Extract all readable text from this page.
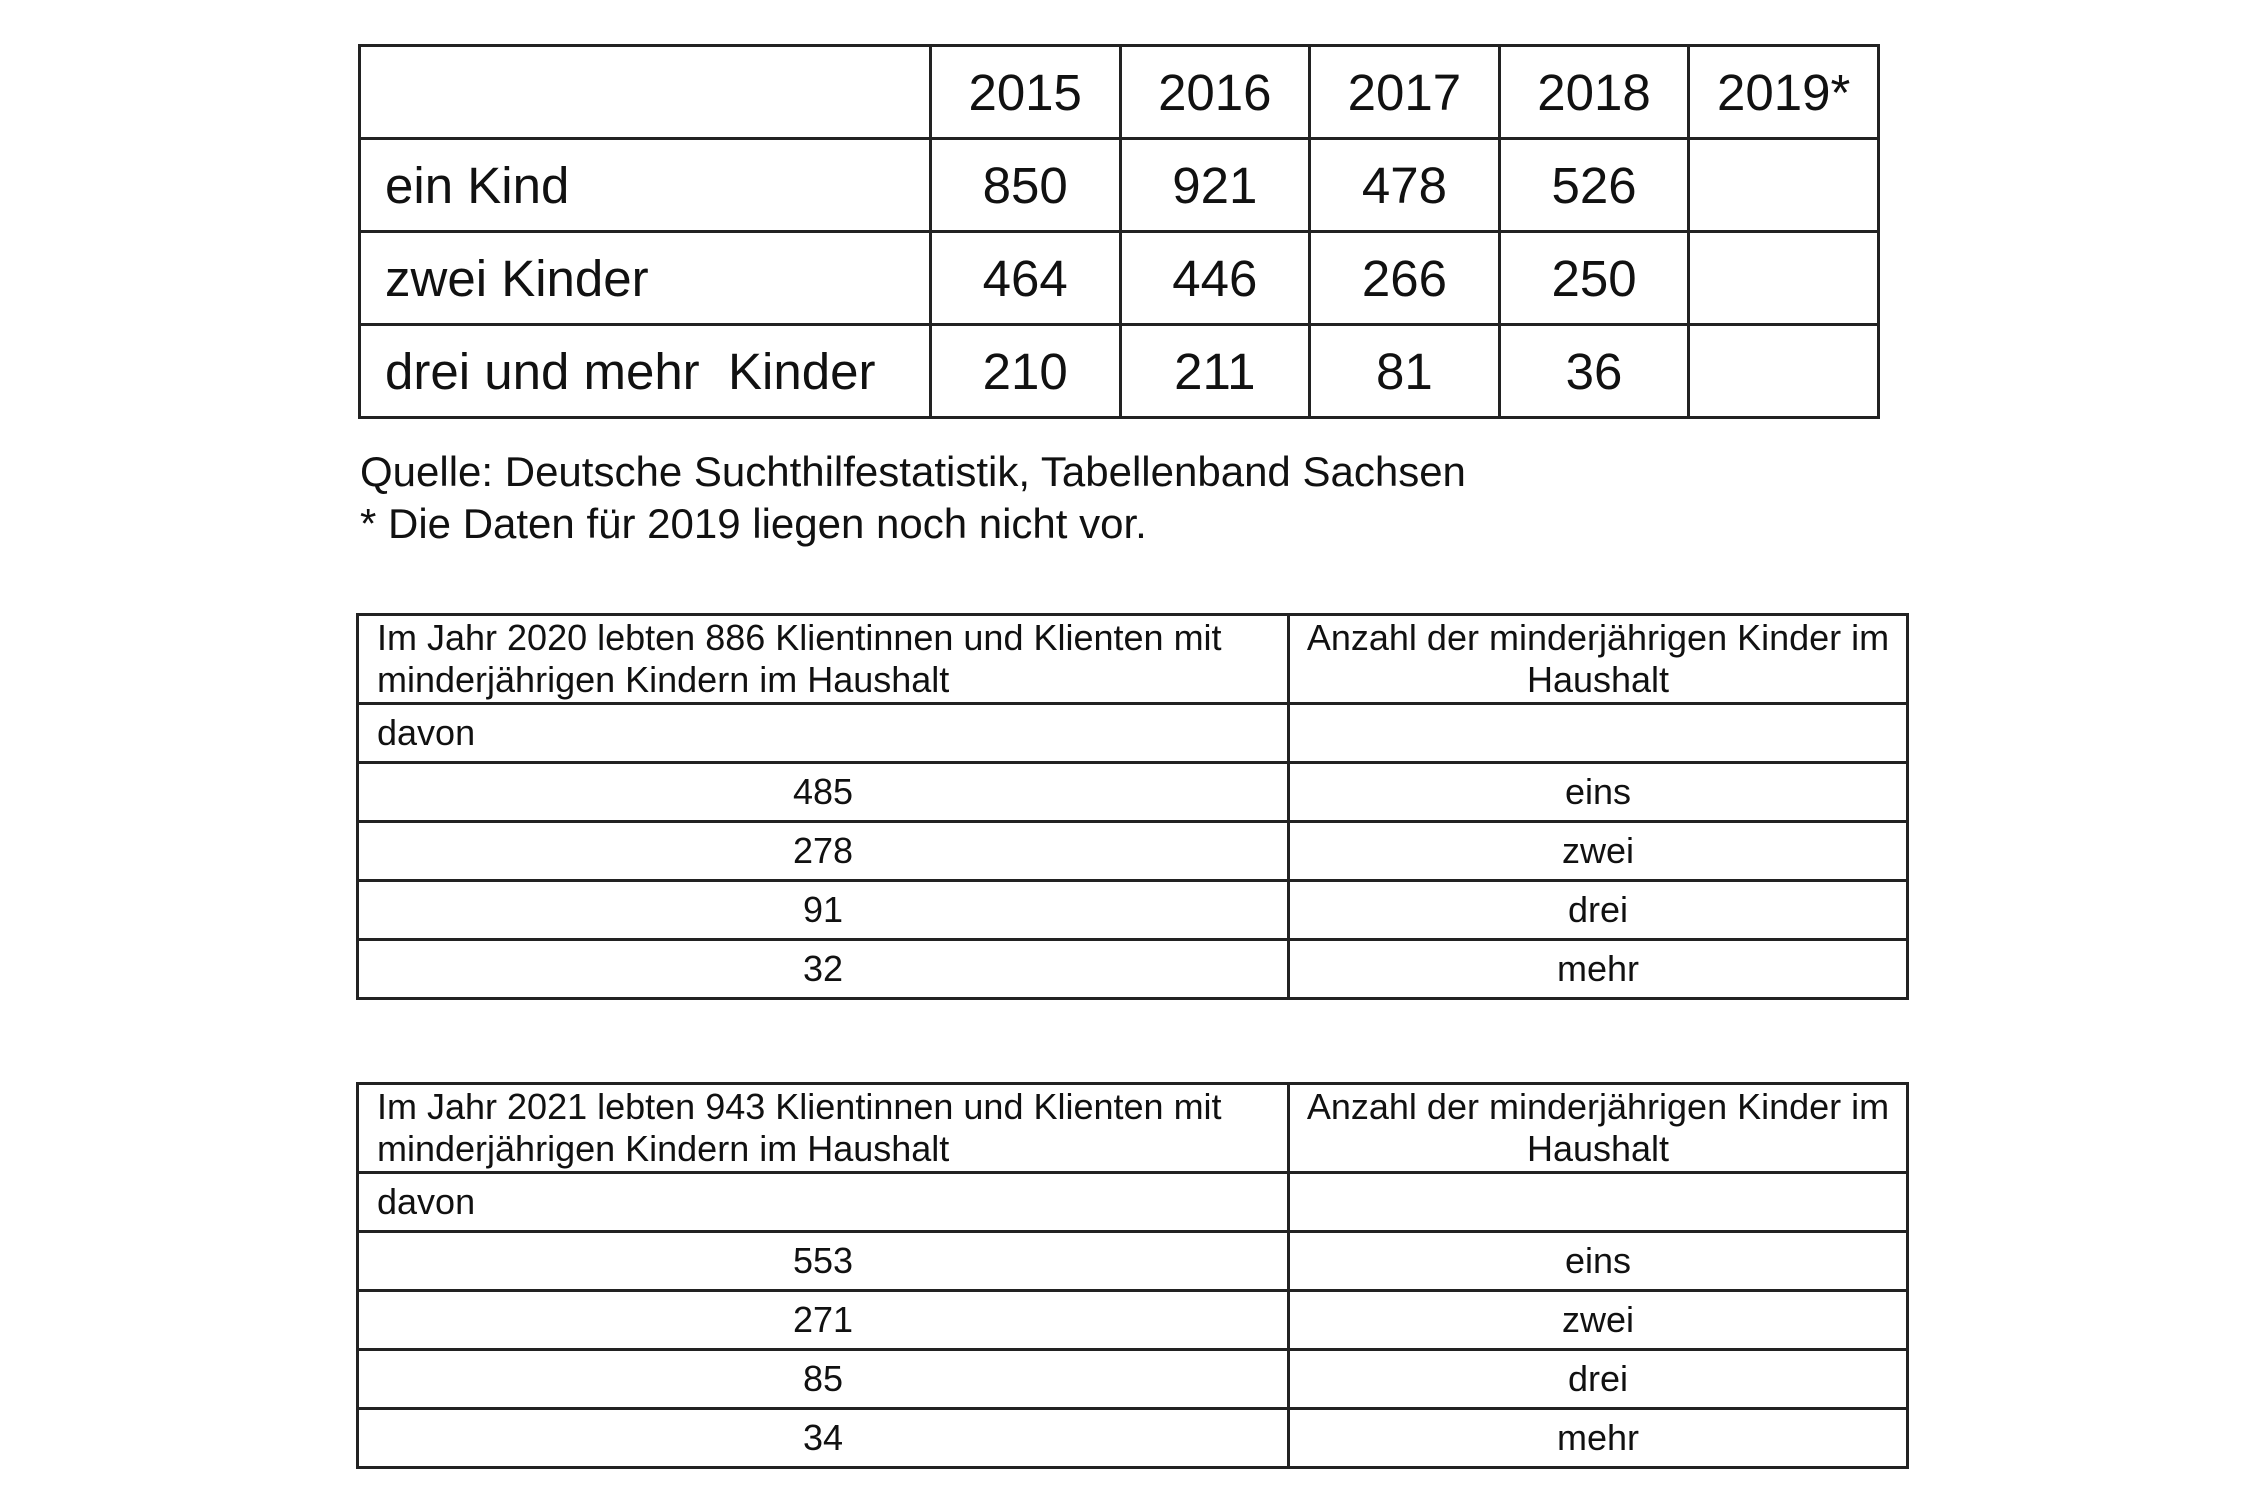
	2015	2016	2017	2018	2019*
ein Kind	850	921	478	526	
zwei Kinder	464	446	266	250	
drei und mehr  Kinder	210	211	81	36	
Quelle: Deutsche Suchthilfestatistik, Tabellenband Sachsen
* Die Daten für 2019 liegen noch nicht vor.
Im Jahr 2020 lebten 886 Klientinnen und Klienten mit minderjährigen Kindern im Haushalt	Anzahl der minderjährigen Kinder im Haushalt
davon	
485	eins
278	zwei
91	drei
32	mehr
Im Jahr 2021 lebten 943 Klientinnen und Klienten mit minderjährigen Kindern im Haushalt	Anzahl der minderjährigen Kinder im Haushalt
davon	
553	eins
271	zwei
85	drei
34	mehr
